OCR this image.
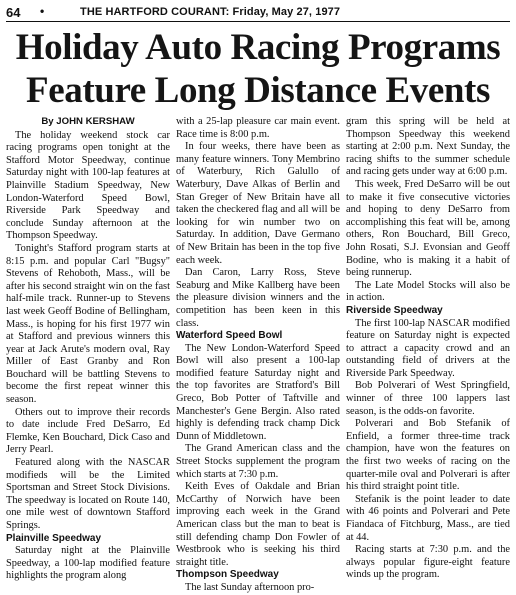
64 •	THE HARTFORD COURANT: Friday, May 27, 1977
Holiday Auto Racing Programs
Feature Long Distance Events

By JOHN KERSHAW

The holiday weekend stock car racing programs open tonight at the Stafford Motor Speedway, continue Saturday night with 100-lap features at Plainville Stadium Speedway, New London-Waterford Speed Bowl, Riverside Park Speedway and conclude Sunday afternoon at the Thompson Speedway.

Tonight's Stafford program starts at 8:15 p.m. and popular Carl "Bugsy" Stevens of Rehoboth, Mass., will be after his second straight win on the fast half-mile track. Runner-up to Stevens last week Geoff Bodine of Bellingham, Mass., is hoping for his first 1977 win at Stafford and previous winners this year at Jack Arute's modern oval, Ray Miller of East Granby and Ron Bouchard will be battling Stevens to become the first repeat winner this season.

Others out to improve their records to date include Fred DeSarro, Ed Flemke, Ken Bouchard, Dick Caso and Jerry Pearl.

Featured along with the NASCAR modifieds will be the Limited Sportsman and Street Stock Divisions. The speedway is located on Route 140, one mile west of downtown Stafford Springs.

Plainville Speedway

Saturday night at the Plainville Speedway, a 100-lap modified feature highlights the program along

with a 25-lap pleasure car main event. Race time is 8:00 p.m.

In four weeks, there have been as many feature winners. Tony Membrino of Waterbury, Rich Galullo of Waterbury, Dave Alkas of Berlin and Stan Greger of New Britain have all taken the checkered flag and all will be looking for win number two on Saturday. In addition, Dave Germano of New Britain has been in the top five each week.

Dan Caron, Larry Ross, Steve Seaburg and Mike Kallberg have been the pleasure division winners and the competition has been keen in this class.

Waterford Speed Bowl

The New London-Waterford Speed Bowl will also present a 100-lap modified feature Saturday night and the top favorites are Stratford's Bill Greco, Bob Potter of Taftville and Manchester's Gene Bergin. Also rated highly is defending track champ Dick Dunn of Middletown.

The Grand American class and the Street Stocks supplement the program which starts at 7:30 p.m.

Keith Eves of Oakdale and Brian McCarthy of Norwich have been improving each week in the Grand American class but the man to beat is still defending champ Don Fowler of Westbrook who is seeking his third straight title.

Thompson Speedway

The last Sunday afternoon pro-

gram this spring will be held at Thompson Speedway this weekend starting at 2:00 p.m. Next Sunday, the racing shifts to the summer schedule and racing gets under way at 6:00 p.m.

This week, Fred DeSarro will be out to make it five consecutive victories and hoping to deny DeSarro from accomplishing this feat will be, among others, Ron Bouchard, Bill Greco, John Rosati, S.J. Evonsian and Geoff Bodine, who is making it a habit of being runnerup.

The Late Model Stocks will also be in action.

Riverside Speedway

The first 100-lap NASCAR modified feature on Saturday night is expected to attract a capacity crowd and an outstanding field of drivers at the Riverside Park Speedway.

Bob Polverari of West Springfield, winner of three 100 lappers last season, is the odds-on favorite.

Polverari and Bob Stefanik of Enfield, a former three-time track champion, have won the features on the first two weeks of racing on the quarter-mile oval and Polverari is after his third straight point title.

Stefanik is the point leader to date with 46 points and Polverari and Pete Fiandaca of Fitchburg, Mass., are tied at 44.

Racing starts at 7:30 p.m. and the always popular figure-eight feature winds up the program.
